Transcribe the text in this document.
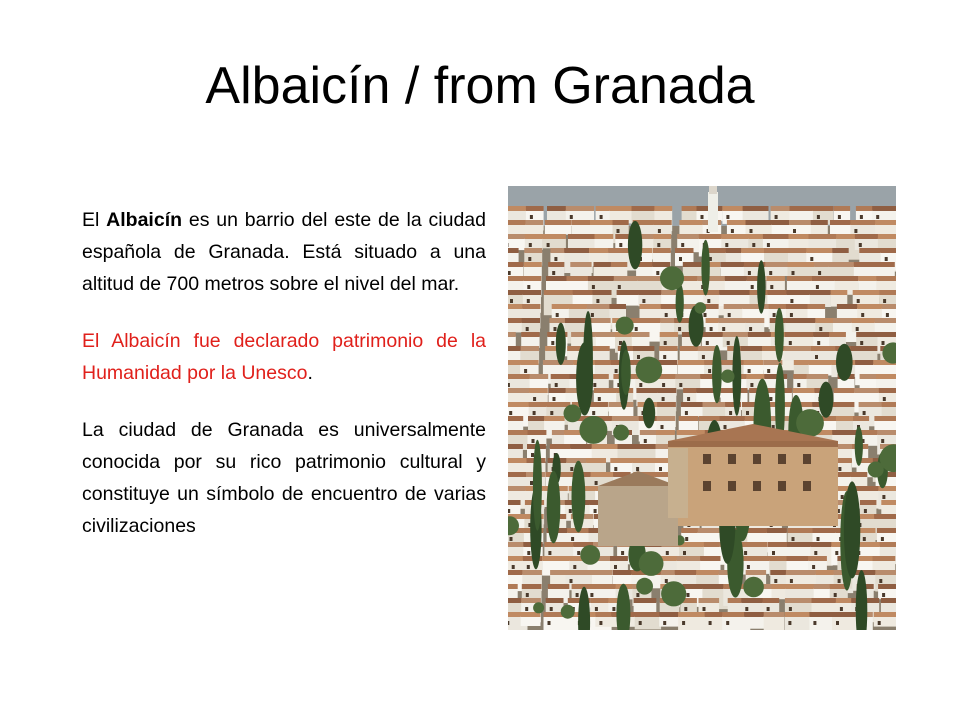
Albaicín / from Granada

El Albaicín es un barrio del este de la ciudad española de Granada. Está situado a una altitud de 700 metros sobre el nivel del mar.

El Albaicín fue declarado patrimonio de la Humanidad por la Unesco.

La ciudad de Granada es universalmente conocida por su rico patrimonio cultural y constituye un símbolo de encuentro de varias civilizaciones
